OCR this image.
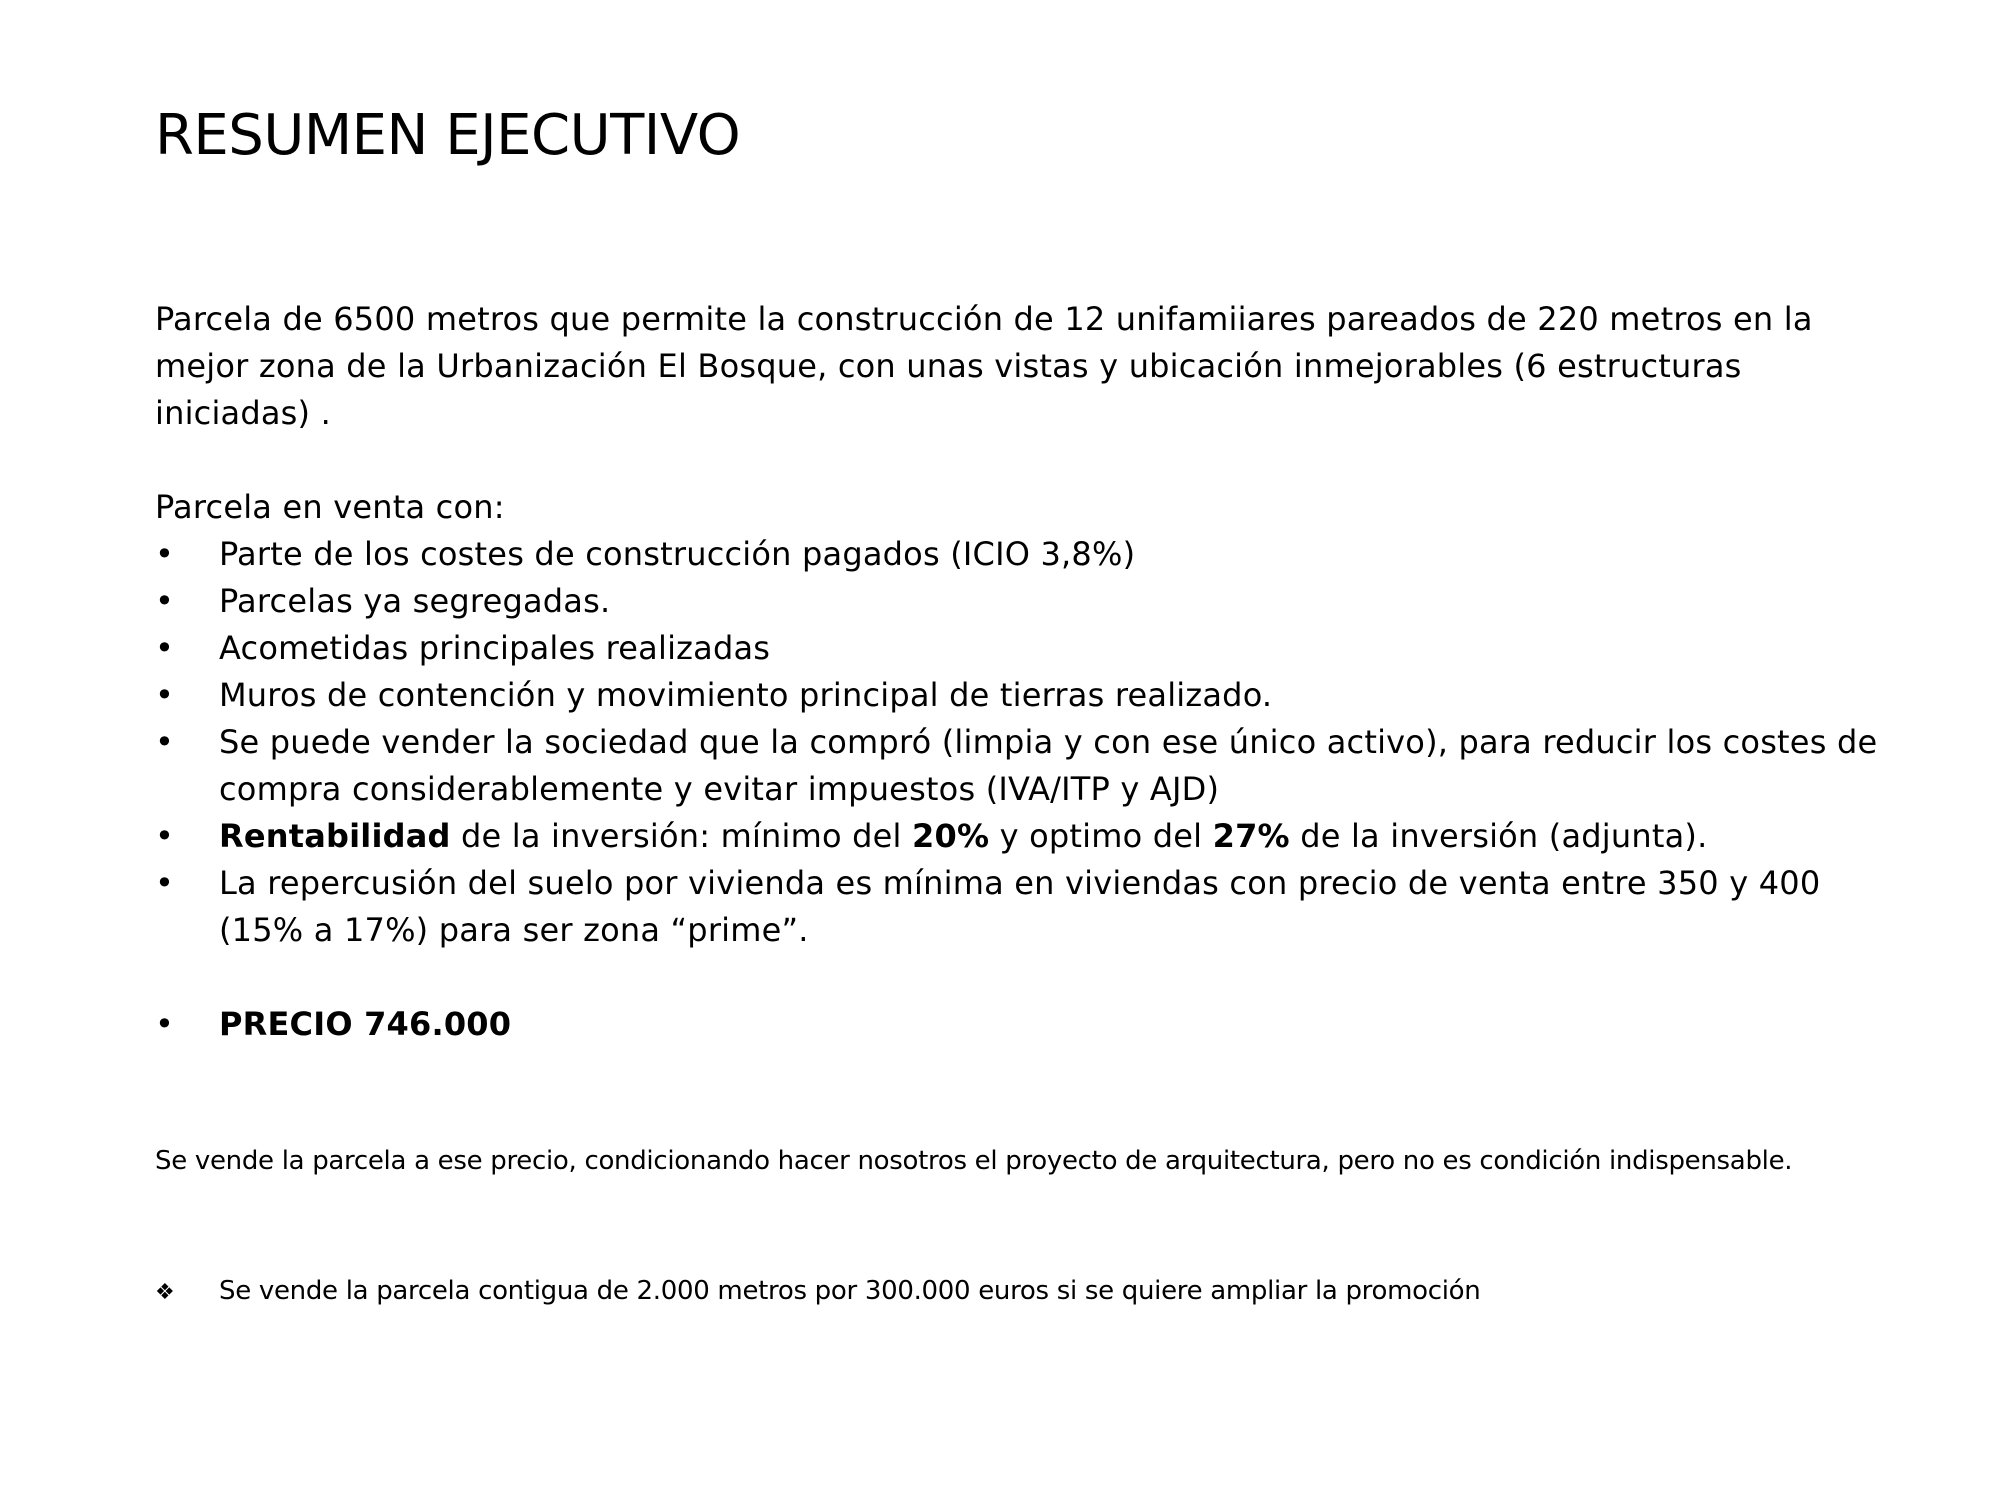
RESUMEN EJECUTIVO

Parcela de 6500 metros que permite la construcción de 12 unifamiiares pareados de 220 metros en la mejor zona de la Urbanización El Bosque, con unas vistas y ubicación inmejorables (6 estructuras iniciadas) .

Parcela en venta con:

•	Parte de los costes de construcción pagados (ICIO 3,8%)
•	Parcelas ya segregadas.
•	Acometidas principales realizadas
•	Muros de contención y movimiento principal de tierras realizado.
•	Se puede vender la sociedad que la compró (limpia y con ese único activo), para reducir los costes de compra considerablemente y evitar impuestos (IVA/ITP y AJD)
•	Rentabilidad de la inversión: mínimo del 20% y optimo del 27% de la inversión (adjunta).
•	La repercusión del suelo por vivienda es mínima en viviendas con precio de venta entre 350 y 400 (15% a 17%) para ser zona “prime”.
•	PRECIO 746.000
Se vende la parcela a ese precio, condicionando hacer nosotros el proyecto de arquitectura, pero no es condición indispensable.
❖ Se vende la parcela contigua de 2.000 metros por 300.000 euros si se quiere ampliar la promoción
